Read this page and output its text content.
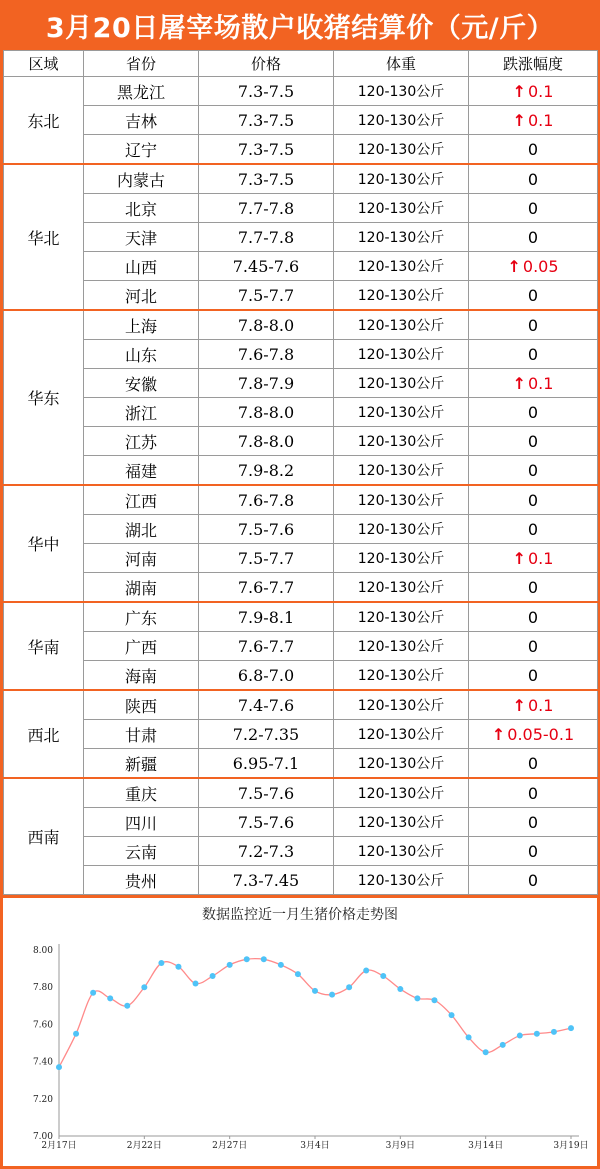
3月20日屠宰场散户收猪结算价（元/斤）
区域	省份	价格	体重	跌涨幅度
东北	黑龙江	7.3-7.5	120-130公斤	↑ 0.1
	吉林	7.3-7.5	120-130公斤	↑ 0.1
	辽宁	7.3-7.5	120-130公斤	0
华北	内蒙古	7.3-7.5	120-130公斤	0
	北京	7.7-7.8	120-130公斤	0
	天津	7.7-7.8	120-130公斤	0
	山西	7.45-7.6	120-130公斤	↑ 0.05
	河北	7.5-7.7	120-130公斤	0
华东	上海	7.8-8.0	120-130公斤	0
	山东	7.6-7.8	120-130公斤	0
	安徽	7.8-7.9	120-130公斤	↑ 0.1
	浙江	7.8-8.0	120-130公斤	0
	江苏	7.8-8.0	120-130公斤	0
	福建	7.9-8.2	120-130公斤	0
华中	江西	7.6-7.8	120-130公斤	0
	湖北	7.5-7.6	120-130公斤	0
	河南	7.5-7.7	120-130公斤	↑ 0.1
	湖南	7.6-7.7	120-130公斤	0
华南	广东	7.9-8.1	120-130公斤	0
	广西	7.6-7.7	120-130公斤	0
	海南	6.8-7.0	120-130公斤	0
西北	陕西	7.4-7.6	120-130公斤	↑ 0.1
	甘肃	7.2-7.35	120-130公斤	↑ 0.05-0.1
	新疆	6.95-7.1	120-130公斤	0
西南	重庆	7.5-7.6	120-130公斤	0
	四川	7.5-7.6	120-130公斤	0
	云南	7.2-7.3	120-130公斤	0
	贵州	7.3-7.45	120-130公斤	0
数据监控近一月生猪价格走势图
7.00
7.20
7.40
7.60
7.80
8.00
2月17日	2月22日	2月27日	3月4日	3月9日	3月14日	3月19日
